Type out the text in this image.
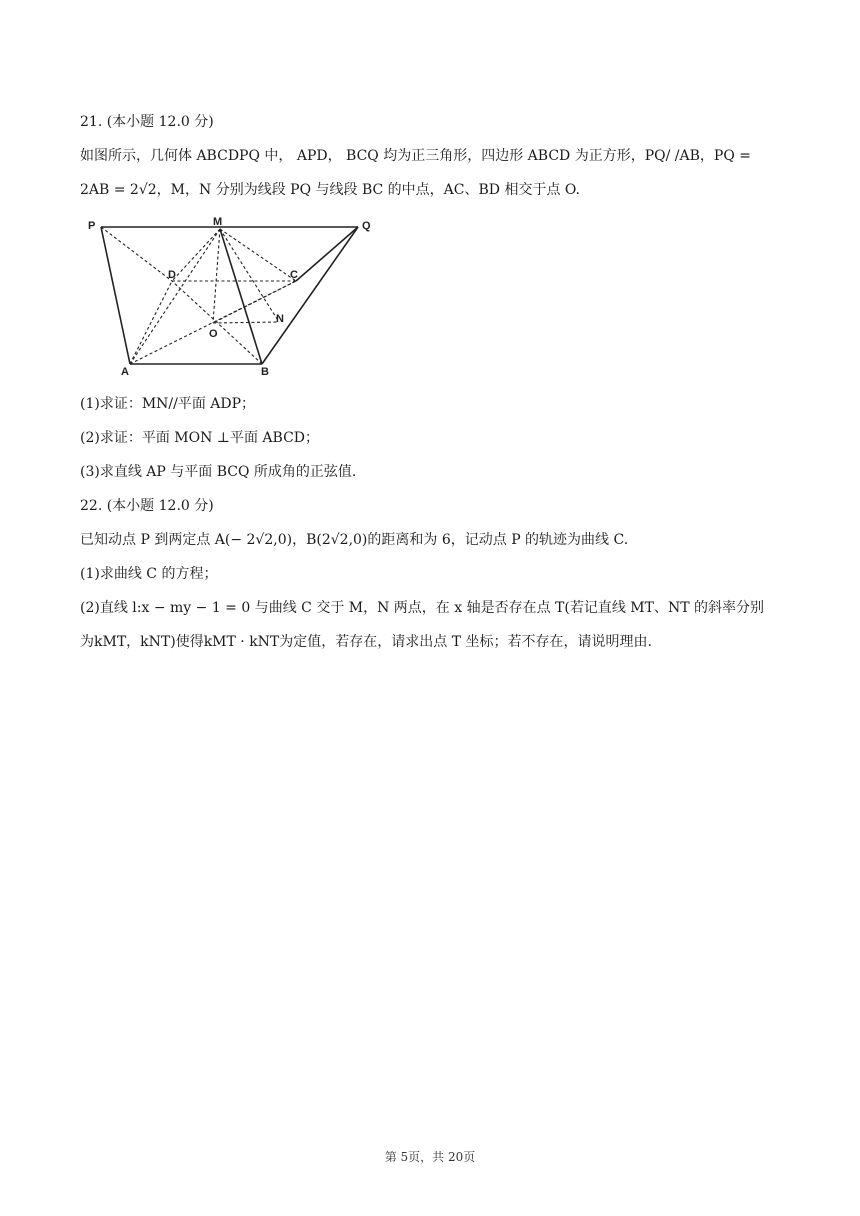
21. (本小题 12.0 分)
如图所示，几何体 ABCDPQ 中， APD， BCQ 均为正三角形，四边形 ABCD 为正方形，PQ/ /AB，PQ =
2AB = 2√2，M，N 分别为线段 PQ 与线段 BC 的中点，AC、BD 相交于点 O.
P	M	Q
D	C
N
O
A	B
(1)求证：MN//平面 ADP；
(2)求证：平面 MON ⊥平面 ABCD；
(3)求直线 AP 与平面 BCQ 所成角的正弦值.
22. (本小题 12.0 分)
已知动点 P 到两定点 A(− 2√2,0)，B(2√2,0)的距离和为 6，记动点 P 的轨迹为曲线 C.
(1)求曲线 C 的方程；
(2)直线 l:x − my − 1 = 0 与曲线 C 交于 M，N 两点，在 x 轴是否存在点 T(若记直线 MT、NT 的斜率分别
为kMT，kNT)使得kMT · kNT为定值，若存在，请求出点 T 坐标；若不存在，请说明理由.
第 5页，共 20页
